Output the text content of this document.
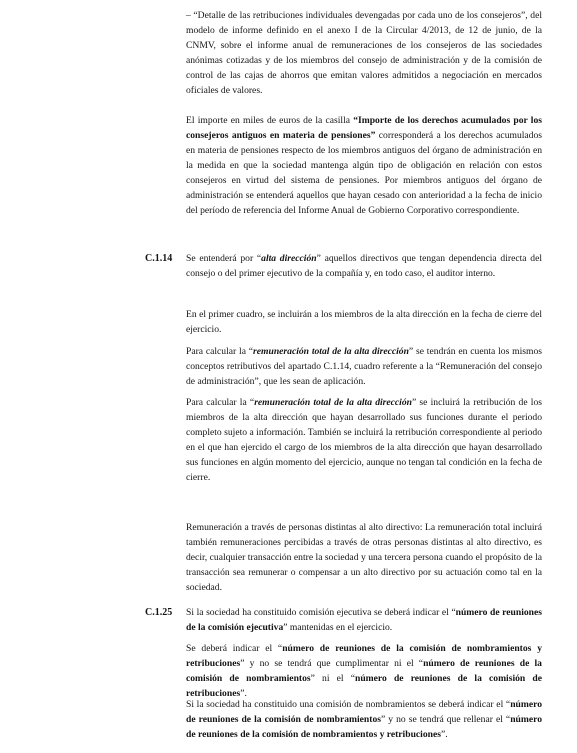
– “Detalle de las retribuciones individuales devengadas por cada uno de los consejeros”, del modelo de informe definido en el anexo I de la Circular 4/2013, de 12 de junio, de la CNMV, sobre el informe anual de remuneraciones de los consejeros de las sociedades anónimas cotizadas y de los miembros del consejo de administración y de la comisión de control de las cajas de ahorros que emitan valores admitidos a negociación en mercados oficiales de valores.

El importe en miles de euros de la casilla “Importe de los derechos acumulados por los consejeros antiguos en materia de pensiones” corresponderá a los derechos acumulados en materia de pensiones respecto de los miembros antiguos del órgano de administración en la medida en que la sociedad mantenga algún tipo de obligación en relación con estos consejeros en virtud del sistema de pensiones. Por miembros antiguos del órgano de administración se entenderá aquellos que hayan cesado con anterioridad a la fecha de inicio del período de referencia del Informe Anual de Gobierno Corporativo correspondiente.

C.1.14 Se entenderá por “alta dirección” aquellos directivos que tengan dependencia directa del consejo o del primer ejecutivo de la compañía y, en todo caso, el auditor interno.

En el primer cuadro, se incluirán a los miembros de la alta dirección en la fecha de cierre del ejercicio.

Para calcular la “remuneración total de la alta dirección” se tendrán en cuenta los mismos conceptos retributivos del apartado C.1.14, cuadro referente a la “Remuneración del consejo de administración”, que les sean de aplicación.

Para calcular la “remuneración total de la alta dirección” se incluirá la retribución de los miembros de la alta dirección que hayan desarrollado sus funciones durante el periodo completo sujeto a información. También se incluirá la retribución correspondiente al periodo en el que han ejercido el cargo de los miembros de la alta dirección que hayan desarrollado sus funciones en algún momento del ejercicio, aunque no tengan tal condición en la fecha de cierre.

Remuneración a través de personas distintas al alto directivo: La remuneración total incluirá también remuneraciones percibidas a través de otras personas distintas al alto directivo, es decir, cualquier transacción entre la sociedad y una tercera persona cuando el propósito de la transacción sea remunerar o compensar a un alto directivo por su actuación como tal en la sociedad.

C.1.25 Si la sociedad ha constituido comisión ejecutiva se deberá indicar el “número de reuniones de la comisión ejecutiva” mantenidas en el ejercicio.

Se deberá indicar el “número de reuniones de la comisión de nombramientos y retribuciones” y no se tendrá que cumplimentar ni el “número de reuniones de la comisión de nombramientos” ni el “número de reuniones de la comisión de retribuciones”.

Si la sociedad ha constituido una comisión de nombramientos se deberá indicar el “número de reuniones de la comisión de nombramientos” y no se tendrá que rellenar el “número de reuniones de la comisión de nombramientos y retribuciones”.
